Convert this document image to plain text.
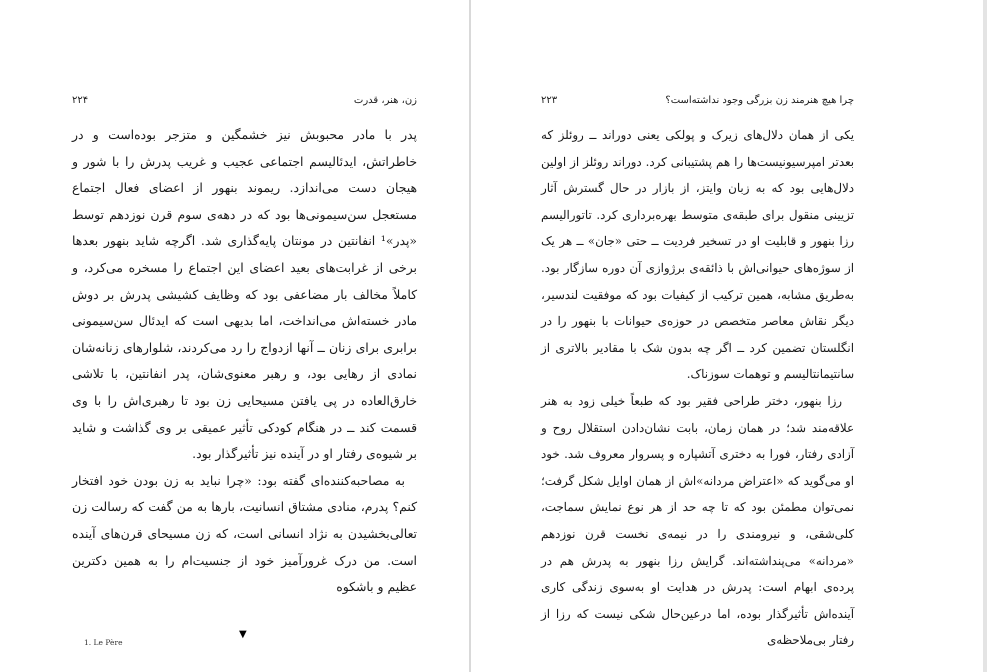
زن، هنر، قدرت
۲۲۴

پدر با مادر محبوبش نیز خشمگین و متزجر بوده‌است و در خاطراتش، ایدئالیسم اجتماعی عجیب و غریب پدرش را با شور و هیجان دست می‌اندازد. ریموند بنهور از اعضای فعال اجتماع مستعجل سن‌سیمونی‌ها بود که در دهه‌ی سوم قرن نوزدهم توسط «پدر»¹ انفانتین در مونتان پایه‌گذاری شد. اگرچه شاید بنهور بعدها برخی از غرابت‌های بعید اعضای این اجتماع را مسخره می‌کرد، و کاملاً مخالف بار مضاعفی بود که وظایف کشیشی پدرش بر دوش مادر خسته‌اش می‌انداخت، اما بدیهی است که ایدئال سن‌سیمونی برابری برای زنان ــ آنها ازدواج را رد می‌کردند، شلوارهای زنانه‌شان نمادی از رهایی بود، و رهبر معنوی‌شان، پدر انفانتین، با تلاشی خارق‌العاده در پی یافتن مسیحایی زن بود تا رهبری‌اش را با وی قسمت کند ــ در هنگام کودکی تأثیر عمیقی بر وی گذاشت و شاید بر شیوه‌ی رفتار او در آینده نیز تأثیرگذار بود.

به مصاحبه‌کننده‌ای گفته بود: «چرا نباید به زن بودن خود افتخار کنم؟ پدرم، منادی مشتاق انسانیت، بارها به من گفت که رسالت زن تعالی‌بخشیدن به نژاد انسانی است، که زن مسیحای قرن‌های آینده است. من درک غرورآمیز خود از جنسیت‌ام را به همین دکترین عظیم و باشکوه

چرا هیچ هنرمند زن بزرگی وجود نداشته‌است؟
۲۲۳

یکی از همان دلال‌های زیرک و پولکی یعنی دوراند ــ روئلز که بعدتر امپرسیونیست‌ها را هم پشتیبانی کرد. دوراند روئلز از اولین دلال‌هایی بود که به زبان وایتز، از بازار در حال گسترش آثار تزیینی منقول برای طبقه‌ی متوسط بهره‌برداری کرد. تاتورالیسم رزا بنهور و قابلیت او در تسخیر فردیت ــ حتی «جان» ــ هر یک از سوژه‌های حیوانی‌اش با ذائقه‌ی برژوازی آن دوره سازگار بود. به‌طریق مشابه، همین ترکیب از کیفیات بود که موفقیت لندسیر، دیگر نقاش معاصر متخصص در حوزه‌ی حیوانات با بنهور را در انگلستان تضمین کرد ــ اگر چه بدون شک با مقادیر بالاتری از سانتیمانتالیسم و توهمات سوزناک.

رزا بنهور، دختر طراحی فقیر بود که طبعاً خیلی زود به هنر علاقه‌مند شد؛ در همان زمان، بابت نشان‌دادن استقلال روح و آزادی رفتار، فورا به دختری آتشپاره و پسروار معروف شد. خود او می‌گوید که «اعتراض مردانه»اش از همان اوایل شکل گرفت؛ نمی‌توان مطمئن بود که تا چه حد از هر نوع نمایش سماجت، کلی‌شقی، و نیرومندی را در نیمه‌ی نخست قرن نوزدهم «مردانه» می‌پنداشته‌اند. گرایش رزا بنهور به پدرش هم در پرده‌ی ابهام است: پدرش در هدایت او به‌سوی زندگی کاری آینده‌اش تأثیرگذار بوده، اما درعین‌حال شکی نیست که رزا از رفتار بی‌ملاحظه‌ی

1. Le Père
▼
